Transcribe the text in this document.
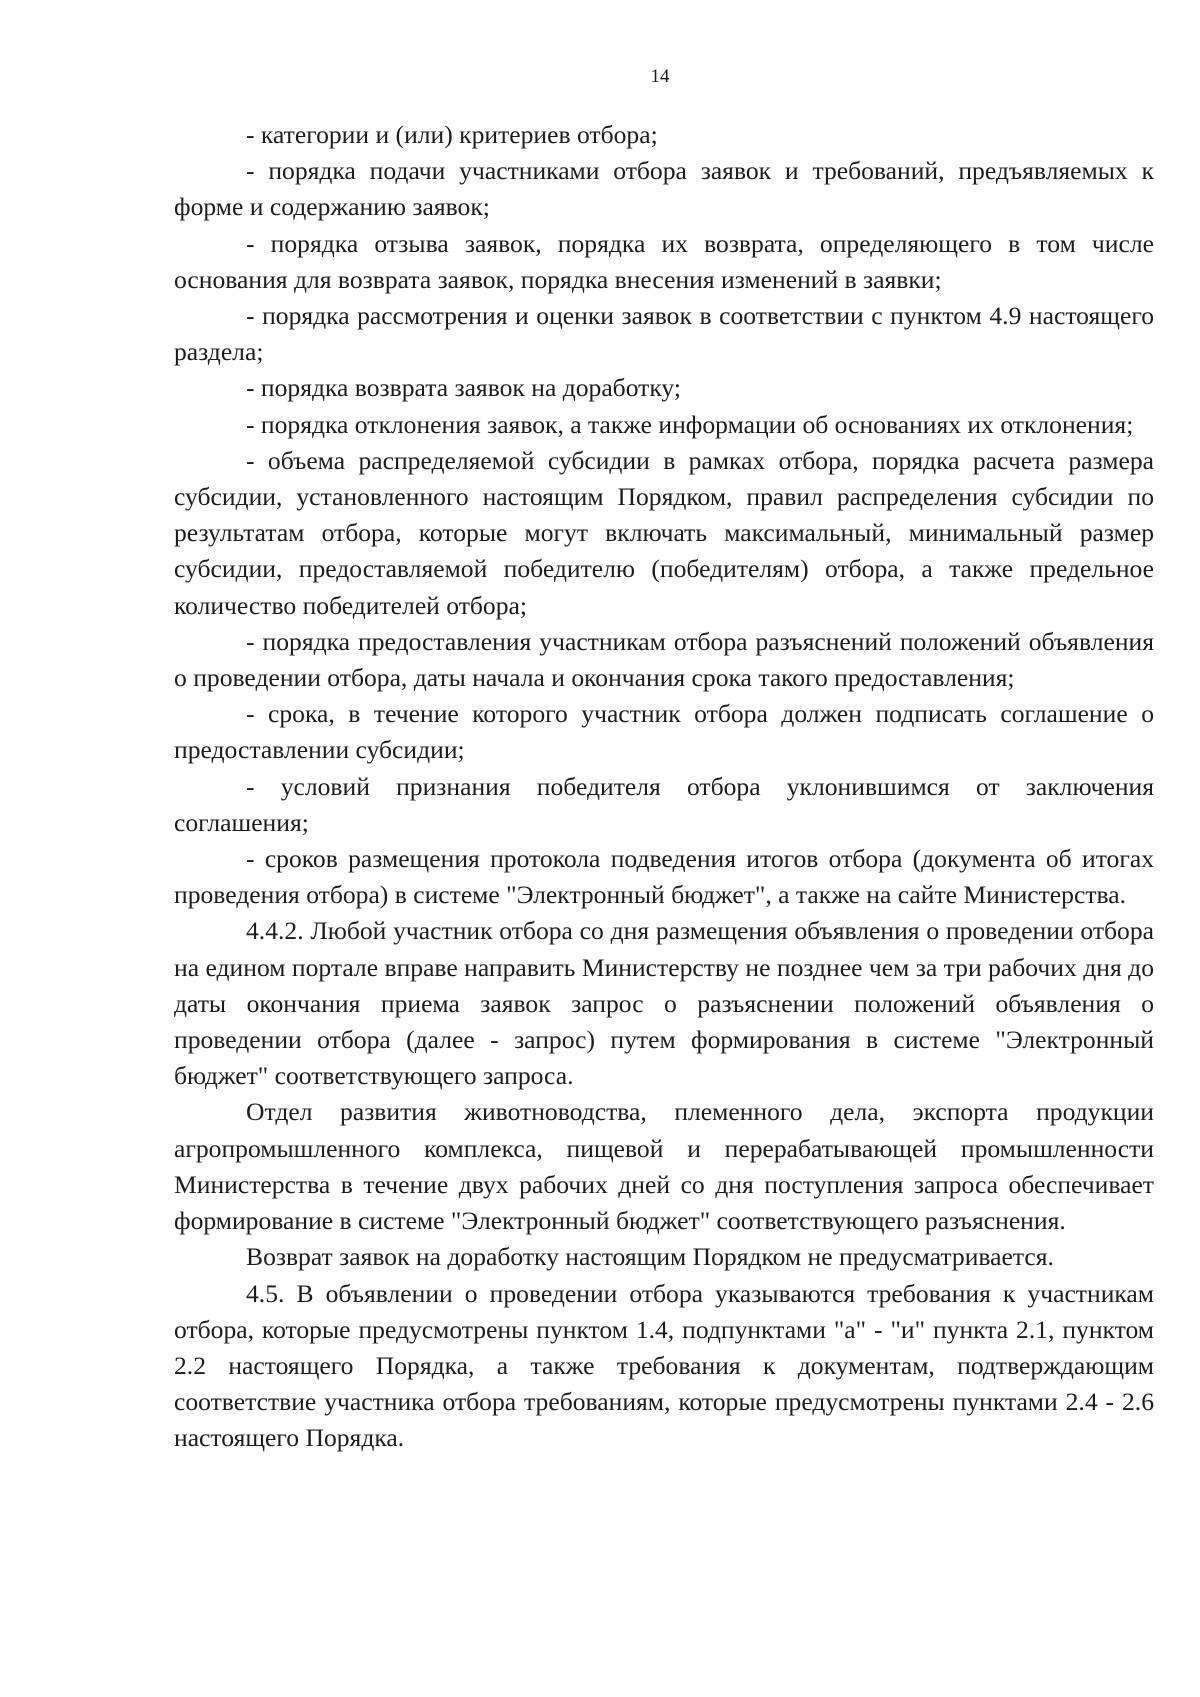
14

- категории и (или) критериев отбора;

- порядка подачи участниками отбора заявок и требований, предъявляемых к форме и содержанию заявок;

- порядка отзыва заявок, порядка их возврата, определяющего в том числе основания для возврата заявок, порядка внесения изменений в заявки;

- порядка рассмотрения и оценки заявок в соответствии с пунктом 4.9 настоящего раздела;

- порядка возврата заявок на доработку;

- порядка отклонения заявок, а также информации об основаниях их отклонения;

- объема распределяемой субсидии в рамках отбора, порядка расчета размера субсидии, установленного настоящим Порядком, правил распределения субсидии по результатам отбора, которые могут включать максимальный, минимальный размер субсидии, предоставляемой победителю (победителям) отбора, а также предельное количество победителей отбора;

- порядка предоставления участникам отбора разъяснений положений объявления о проведении отбора, даты начала и окончания срока такого предоставления;

- срока, в течение которого участник отбора должен подписать соглашение о предоставлении субсидии;

- условий признания победителя отбора уклонившимся от заключения соглашения;

- сроков размещения протокола подведения итогов отбора (документа об итогах проведения отбора) в системе "Электронный бюджет", а также на сайте Министерства.

4.4.2. Любой участник отбора со дня размещения объявления о проведении отбора на едином портале вправе направить Министерству не позднее чем за три рабочих дня до даты окончания приема заявок запрос о разъяснении положений объявления о проведении отбора (далее - запрос) путем формирования в системе "Электронный бюджет" соответствующего запроса.

Отдел развития животноводства, племенного дела, экспорта продукции агропромышленного комплекса, пищевой и перерабатывающей промышленности Министерства в течение двух рабочих дней со дня поступления запроса обеспечивает формирование в системе "Электронный бюджет" соответствующего разъяснения.

Возврат заявок на доработку настоящим Порядком не предусматривается.

4.5. В объявлении о проведении отбора указываются требования к участникам отбора, которые предусмотрены пунктом 1.4, подпунктами "а" - "и" пункта 2.1, пунктом 2.2 настоящего Порядка, а также требования к документам, подтверждающим соответствие участника отбора требованиям, которые предусмотрены пунктами 2.4 - 2.6 настоящего Порядка.
